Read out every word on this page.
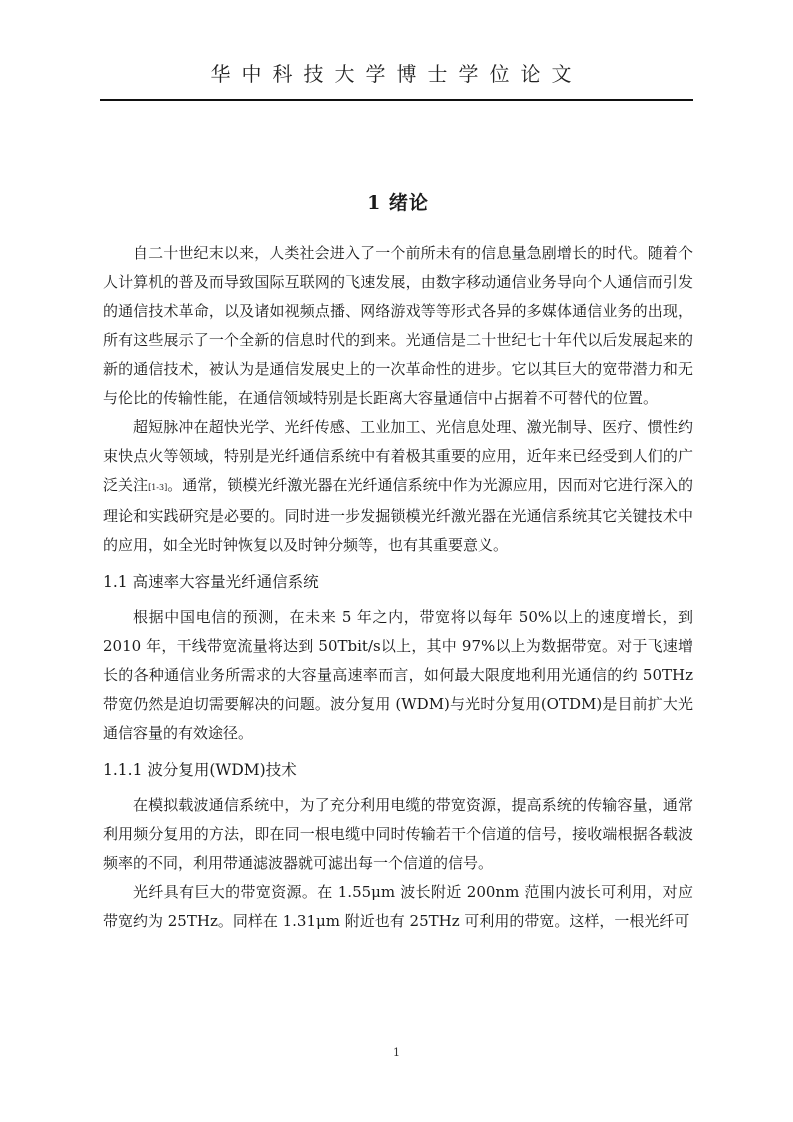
华中科技大学博士学位论文
1 绪论

自二十世纪末以来，人类社会进入了一个前所未有的信息量急剧增长的时代。随着个人计算机的普及而导致国际互联网的飞速发展，由数字移动通信业务导向个人通信而引发的通信技术革命，以及诸如视频点播、网络游戏等等形式各异的多媒体通信业务的出现，所有这些展示了一个全新的信息时代的到来。光通信是二十世纪七十年代以后发展起来的新的通信技术，被认为是通信发展史上的一次革命性的进步。它以其巨大的宽带潜力和无与伦比的传输性能，在通信领域特别是长距离大容量通信中占据着不可替代的位置。

超短脉冲在超快光学、光纤传感、工业加工、光信息处理、激光制导、医疗、惯性约束快点火等领域，特别是光纤通信系统中有着极其重要的应用，近年来已经受到人们的广泛关注[1-3]。通常，锁模光纤激光器在光纤通信系统中作为光源应用，因而对它进行深入的理论和实践研究是必要的。同时进一步发掘锁模光纤激光器在光通信系统其它关键技术中的应用，如全光时钟恢复以及时钟分频等，也有其重要意义。

1.1 高速率大容量光纤通信系统

根据中国电信的预测，在未来 5 年之内，带宽将以每年 50%以上的速度增长，到 2010 年，干线带宽流量将达到 50Tbit/s以上，其中 97%以上为数据带宽。对于飞速增长的各种通信业务所需求的大容量高速率而言，如何最大限度地利用光通信的约 50THz带宽仍然是迫切需要解决的问题。波分复用 (WDM)与光时分复用(OTDM)是目前扩大光通信容量的有效途径。

1.1.1 波分复用(WDM)技术

在模拟载波通信系统中，为了充分利用电缆的带宽资源，提高系统的传输容量，通常利用频分复用的方法，即在同一根电缆中同时传输若干个信道的信号，接收端根据各载波频率的不同，利用带通滤波器就可滤出每一个信道的信号。

光纤具有巨大的带宽资源。在 1.55μm 波长附近 200nm 范围内波长可利用，对应带宽约为 25THz。同样在 1.31μm 附近也有 25THz 可利用的带宽。这样，一根光纤可

1
